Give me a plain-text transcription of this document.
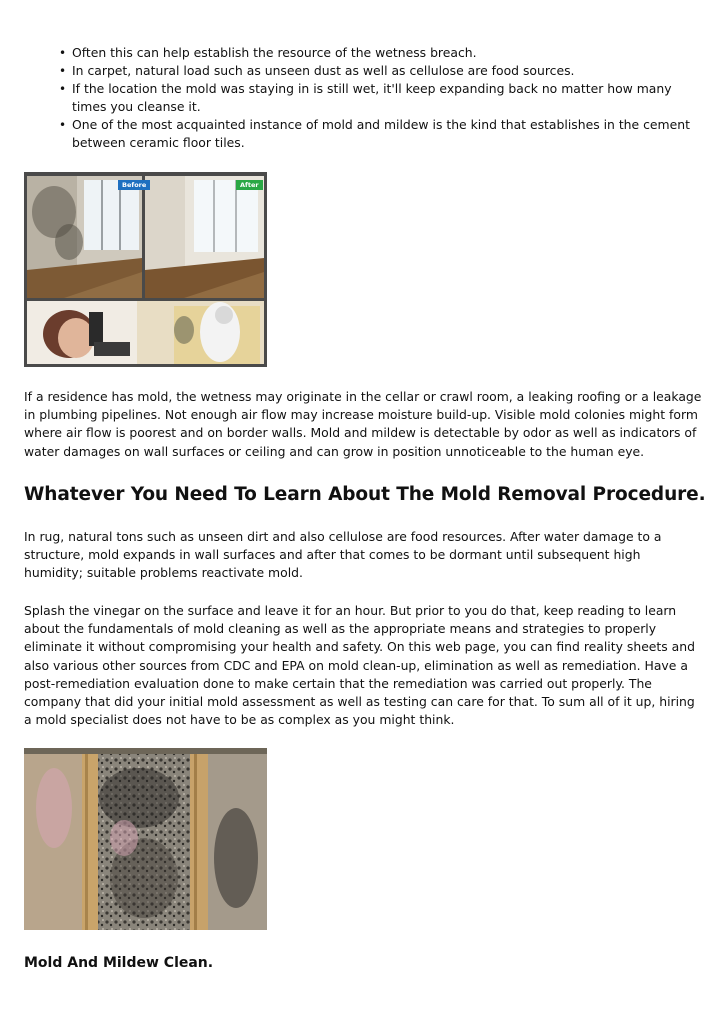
• Often this can help establish the resource of the wetness breach.
• In carpet, natural load such as unseen dust as well as cellulose are food sources.
• If the location the mold was staying in is still wet, it'll keep expanding back no matter how many times you cleanse it.
• One of the most acquainted instance of mold and mildew is the kind that establishes in the cement between ceramic floor tiles.
Before	After

If a residence has mold, the wetness may originate in the cellar or crawl room, a leaking roofing or a leakage in plumbing pipelines. Not enough air flow may increase moisture build-up. Visible mold colonies might form where air flow is poorest and on border walls. Mold and mildew is detectable by odor as well as indicators of water damages on wall surfaces or ceiling and can grow in position unnoticeable to the human eye.

Whatever You Need To Learn About The Mold Removal Procedure.

In rug, natural tons such as unseen dirt and also cellulose are food resources. After water damage to a structure, mold expands in wall surfaces and after that comes to be dormant until subsequent high humidity; suitable problems reactivate mold.

Splash the vinegar on the surface and leave it for an hour. But prior to you do that, keep reading to learn about the fundamentals of mold cleaning as well as the appropriate means and strategies to properly eliminate it without compromising your health and safety. On this web page, you can find reality sheets and also various other sources from CDC and EPA on mold clean-up, elimination as well as remediation. Have a post-remediation evaluation done to make certain that the remediation was carried out properly. The company that did your initial mold assessment as well as testing can care for that. To sum all of it up, hiring a mold specialist does not have to be as complex as you might think.

Mold And Mildew Clean.
